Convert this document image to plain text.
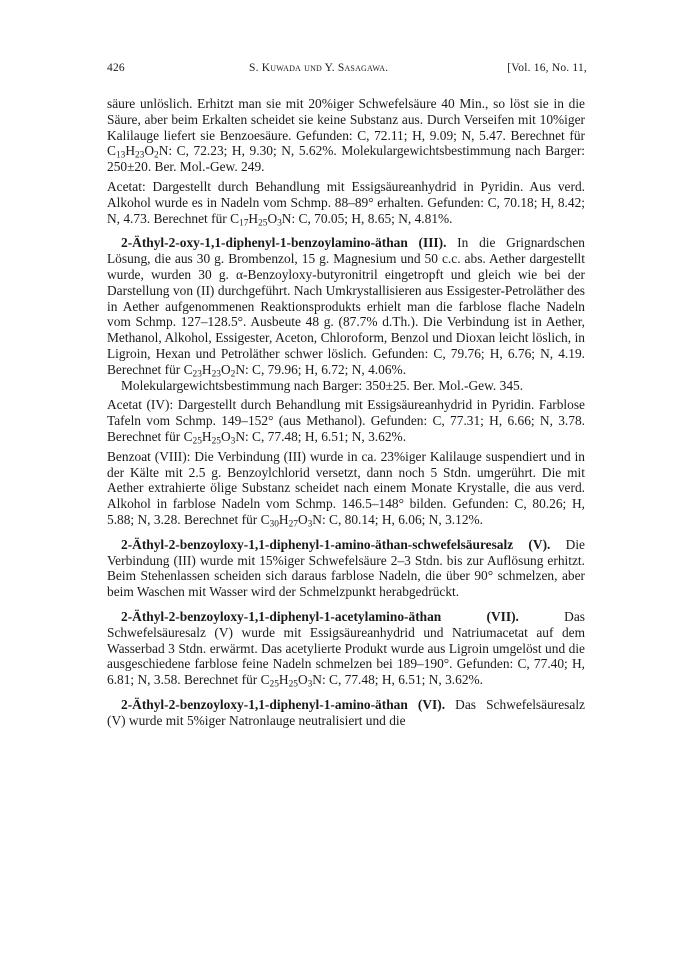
426	S. Kuwada und Y. Sasagawa.	[Vol. 16, No. 11,

säure unlöslich. Erhitzt man sie mit 20%iger Schwefelsäure 40 Min., so löst sie in die Säure, aber beim Erkalten scheidet sie keine Substanz aus. Durch Verseifen mit 10%iger Kalilauge liefert sie Benzoesäure. Gefunden: C, 72.11; H, 9.09; N, 5.47. Berechnet für $C_{13}H_{23}O_2N$: C, 72.23; H, 9.30; N, 5.62%. Molekulargewichtsbestimmung nach Barger: 250±20. Ber. Mol.-Gew. 249.

Acetat: Dargestellt durch Behandlung mit Essigsäureanhydrid in Pyridin. Aus verd. Alkohol wurde es in Nadeln vom Schmp. 88–89° erhalten. Gefunden: C, 70.18; H, 8.42; N, 4.73. Berechnet für $C_{17}H_{25}O_3N$: C, 70.05; H, 8.65; N, 4.81%.

2-Äthyl-2-oxy-1,1-diphenyl-1-benzoylamino-äthan (III). In die Grignardschen Lösung, die aus 30 g. Brombenzol, 15 g. Magnesium und 50 c.c. abs. Aether dargestellt wurde, wurden 30 g. α-Benzoyloxy-butyronitril eingetropft und gleich wie bei der Darstellung von (II) durchgeführt. Nach Umkrystallisieren aus Essigester-Petroläther des in Aether aufgenommenen Reaktionsprodukts erhielt man die farblose flache Nadeln vom Schmp. 127–128.5°. Ausbeute 48 g. (87.7% d.Th.). Die Verbindung ist in Aether, Methanol, Alkohol, Essigester, Aceton, Chloroform, Benzol und Dioxan leicht löslich, in Ligroin, Hexan und Petroläther schwer löslich. Gefunden: C, 79.76; H, 6.76; N, 4.19. Berechnet für $C_{23}H_{23}O_2N$: C, 79.96; H, 6.72; N, 4.06%.

Molekulargewichtsbestimmung nach Barger: 350±25. Ber. Mol.-Gew. 345.

Acetat (IV): Dargestellt durch Behandlung mit Essigsäureanhydrid in Pyridin. Farblose Tafeln vom Schmp. 149–152° (aus Methanol). Gefunden: C, 77.31; H, 6.66; N, 3.78. Berechnet für $C_{25}H_{25}O_3N$: C, 77.48; H, 6.51; N, 3.62%.

Benzoat (VIII): Die Verbindung (III) wurde in ca. 23%iger Kalilauge suspendiert und in der Kälte mit 2.5 g. Benzoylchlorid versetzt, dann noch 5 Stdn. umgerührt. Die mit Aether extrahierte ölige Substanz scheidet nach einem Monate Krystalle, die aus verd. Alkohol in farblose Nadeln vom Schmp. 146.5–148° bilden. Gefunden: C, 80.26; H, 5.88; N, 3.28. Berechnet für $C_{30}H_{27}O_3N$: C, 80.14; H, 6.06; N, 3.12%.

2-Äthyl-2-benzoyloxy-1,1-diphenyl-1-amino-äthan-schwefelsäuresalz (V). Die Verbindung (III) wurde mit 15%iger Schwefelsäure 2–3 Stdn. bis zur Auflösung erhitzt. Beim Stehenlassen scheiden sich daraus farblose Nadeln, die über 90° schmelzen, aber beim Waschen mit Wasser wird der Schmelzpunkt herabgedrückt.

2-Äthyl-2-benzoyloxy-1,1-diphenyl-1-acetylamino-äthan (VII). Das Schwefelsäuresalz (V) wurde mit Essigsäureanhydrid und Natriumacetat auf dem Wasserbad 3 Stdn. erwärmt. Das acetylierte Produkt wurde aus Ligroin umgelöst und die ausgeschiedene farblose feine Nadeln schmelzen bei 189–190°. Gefunden: C, 77.40; H, 6.81; N, 3.58. Berechnet für $C_{25}H_{25}O_3N$: C, 77.48; H, 6.51; N, 3.62%.

2-Äthyl-2-benzoyloxy-1,1-diphenyl-1-amino-äthan (VI). Das Schwefelsäuresalz (V) wurde mit 5%iger Natronlauge neutralisiert und die
